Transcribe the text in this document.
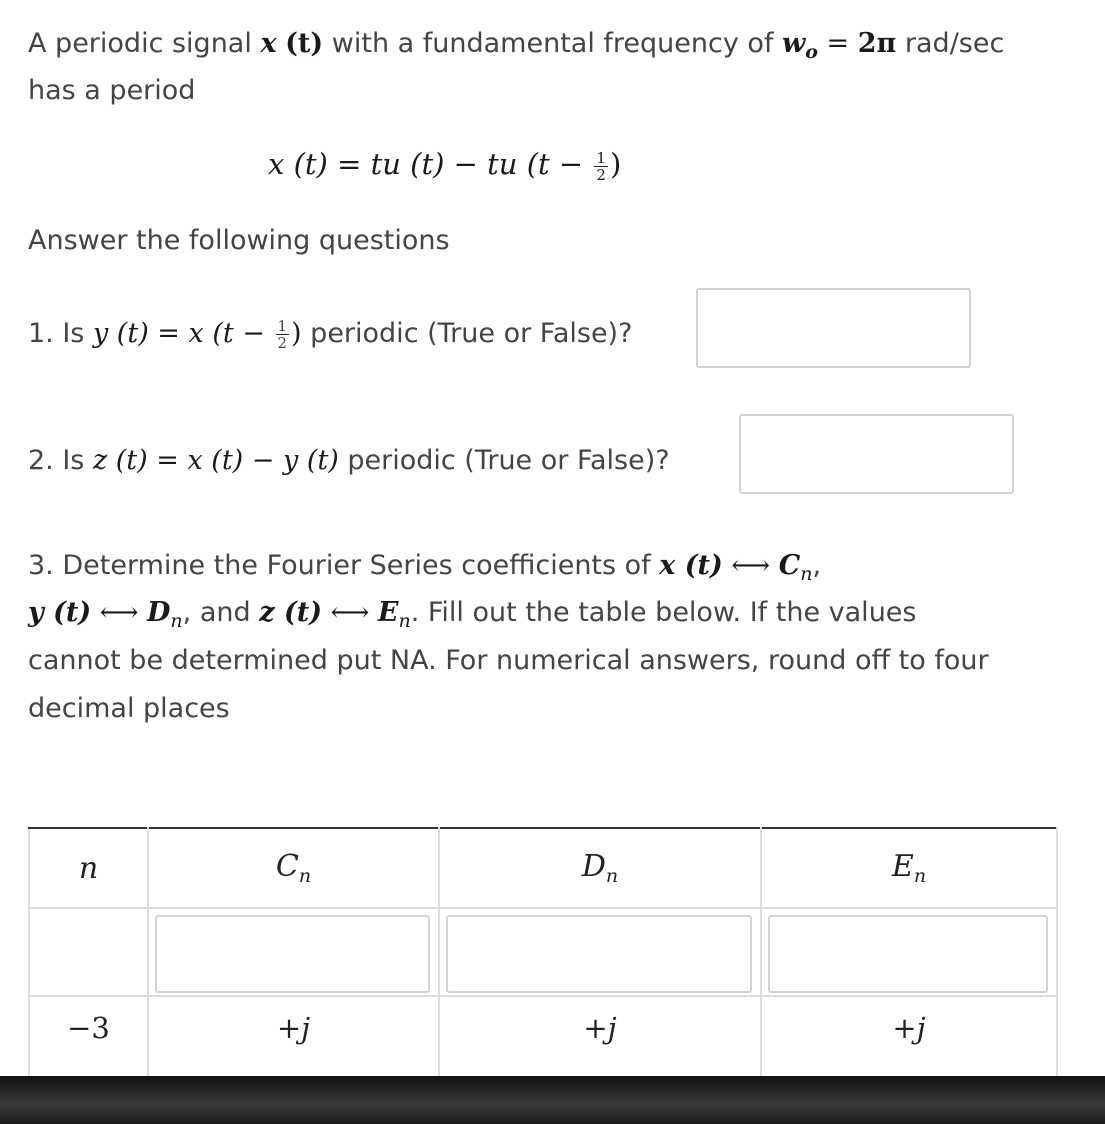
A periodic signal x (t) with a fundamental frequency of $w_o = 2\pi$ rad/sec
has a period
x (t) = tu (t) − tu ($t - \frac{1}{2}$ )
Answer the following questions
1. Is y (t) = x ($t - \frac{1}{2}$ ) periodic (True or False)?
2. Is z (t) = x (t) − y (t) periodic (True or False)?
3. Determine the Fourier Series coefficients of x (t) ⟷ $C_n$,
y (t) ⟷ $D_n$, and z (t) ⟷ $E_n$. Fill out the table below. If the values
cannot be determined put NA. For numerical answers, round off to four
decimal places
n	$C_n$	$D_n$	$E_n$

−3	+j	+j	+j
